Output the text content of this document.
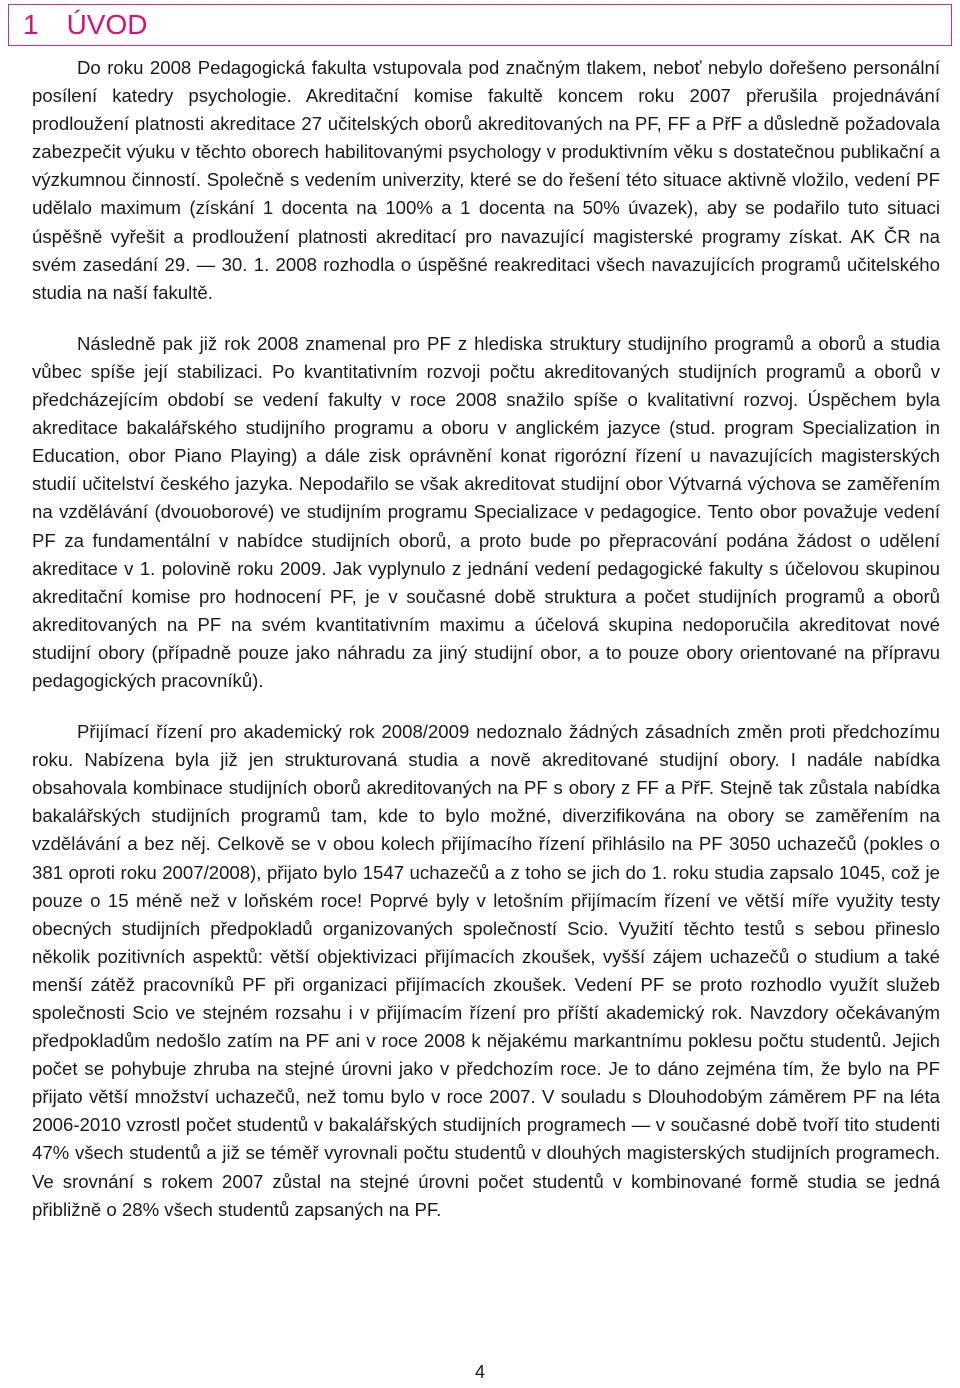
1 ÚVOD

Do roku 2008 Pedagogická fakulta vstupovala pod značným tlakem, neboť nebylo dořešeno personální posílení katedry psychologie. Akreditační komise fakultě koncem roku 2007 přerušila projednávání prodloužení platnosti akreditace 27 učitelských oborů akreditovaných na PF, FF a PřF a důsledně požadovala zabezpečit výuku v těchto oborech habilitovanými psychology v produktivním věku s dostatečnou publikační a výzkumnou činností. Společně s vedením univerzity, které se do řešení této situace aktivně vložilo, vedení PF udělalo maximum (získání 1 docenta na 100% a 1 docenta na 50% úvazek), aby se podařilo tuto situaci úspěšně vyřešit a prodloužení platnosti akreditací pro navazující magisterské programy získat. AK ČR na svém zasedání 29. — 30. 1. 2008 rozhodla o úspěšné reakreditaci všech navazujících programů učitelského studia na naší fakultě.

Následně pak již rok 2008 znamenal pro PF z hlediska struktury studijního programů a oborů a studia vůbec spíše její stabilizaci. Po kvantitativním rozvoji počtu akreditovaných studijních programů a oborů v předcházejícím období se vedení fakulty v roce 2008 snažilo spíše o kvalitativní rozvoj. Úspěchem byla akreditace bakalářského studijního programu a oboru v anglickém jazyce (stud. program Specialization in Education, obor Piano Playing) a dále zisk oprávnění konat rigorózní řízení u navazujících magisterských studií učitelství českého jazyka. Nepodařilo se však akreditovat studijní obor Výtvarná výchova se zaměřením na vzdělávání (dvouoborové) ve studijním programu Specializace v pedagogice. Tento obor považuje vedení PF za fundamentální v nabídce studijních oborů, a proto bude po přepracování podána žádost o udělení akreditace v 1. polovině roku 2009. Jak vyplynulo z jednání vedení pedagogické fakulty s účelovou skupinou akreditační komise pro hodnocení PF, je v současné době struktura a počet studijních programů a oborů akreditovaných na PF na svém kvantitativním maximu a účelová skupina nedoporučila akreditovat nové studijní obory (případně pouze jako náhradu za jiný studijní obor, a to pouze obory orientované na přípravu pedagogických pracovníků).

Přijímací řízení pro akademický rok 2008/2009 nedoznalo žádných zásadních změn proti předchozímu roku. Nabízena byla již jen strukturovaná studia a nově akreditované studijní obory. I nadále nabídka obsahovala kombinace studijních oborů akreditovaných na PF s obory z FF a PřF. Stejně tak zůstala nabídka bakalářských studijních programů tam, kde to bylo možné, diverzifikována na obory se zaměřením na vzdělávání a bez něj. Celkově se v obou kolech přijímacího řízení přihlásilo na PF 3050 uchazečů (pokles o 381 oproti roku 2007/2008), přijato bylo 1547 uchazečů a z toho se jich do 1. roku studia zapsalo 1045, což je pouze o 15 méně než v loňském roce! Poprvé byly v letošním přijímacím řízení ve větší míře využity testy obecných studijních předpokladů organizovaných společností Scio. Využití těchto testů s sebou přineslo několik pozitivních aspektů: větší objektivizaci přijímacích zkoušek, vyšší zájem uchazečů o studium a také menší zátěž pracovníků PF při organizaci přijímacích zkoušek. Vedení PF se proto rozhodlo využít služeb společnosti Scio ve stejném rozsahu i v přijímacím řízení pro příští akademický rok. Navzdory očekávaným předpokladům nedošlo zatím na PF ani v roce 2008 k nějakému markantnímu poklesu počtu studentů. Jejich počet se pohybuje zhruba na stejné úrovni jako v předchozím roce. Je to dáno zejména tím, že bylo na PF přijato větší množství uchazečů, než tomu bylo v roce 2007. V souladu s Dlouhodobým záměrem PF na léta 2006-2010 vzrostl počet studentů v bakalářských studijních programech — v současné době tvoří tito studenti 47% všech studentů a již se téměř vyrovnali počtu studentů v dlouhých magisterských studijních programech. Ve srovnání s rokem 2007 zůstal na stejné úrovni počet studentů v kombinované formě studia se jedná přibližně o 28% všech studentů zapsaných na PF.

4
